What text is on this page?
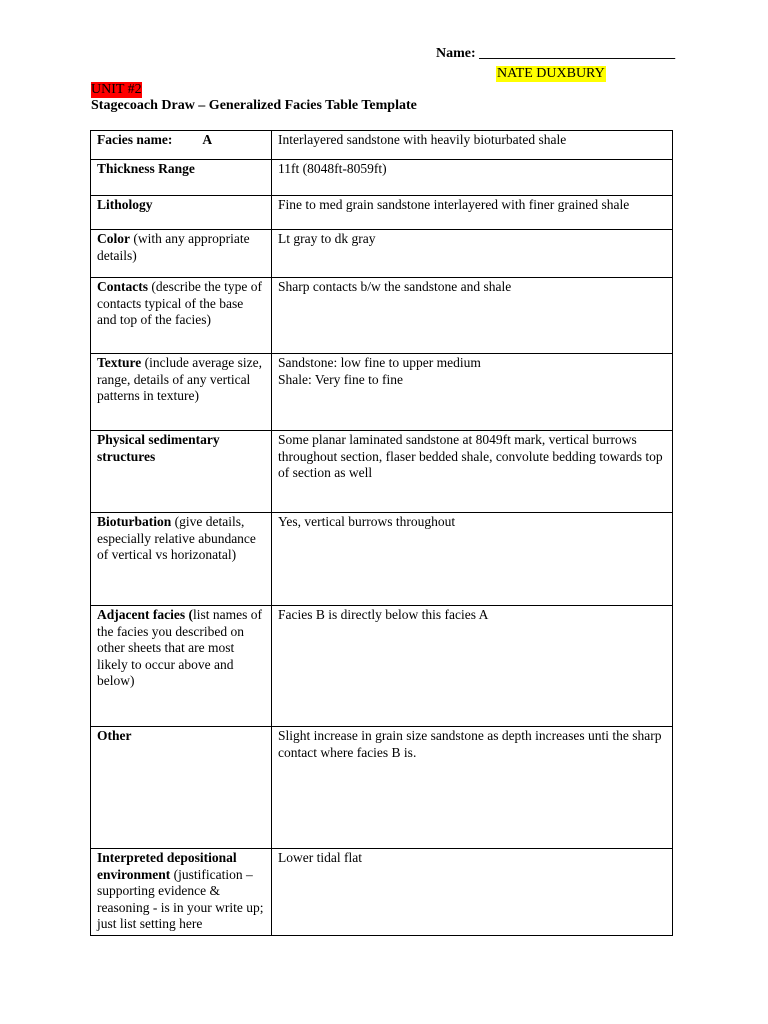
Name: ____________________________
NATE DUXBURY
UNIT #2
Stagecoach Draw – Generalized Facies Table Template
Facies name: A	Interlayered sandstone with heavily bioturbated shale
Thickness Range	11ft (8048ft-8059ft)
Lithology	Fine to med grain sandstone interlayered with finer grained shale
Color (with any appropriate details)	Lt gray to dk gray
Contacts (describe the type of contacts typical of the base and top of the facies)	Sharp contacts b/w the sandstone and shale
Texture (include average size, range, details of any vertical patterns in texture)	Sandstone: low fine to upper medium
Shale: Very fine to fine
Physical sedimentary structures	Some planar laminated sandstone at 8049ft mark, vertical burrows throughout section, flaser bedded shale, convolute bedding towards top of section as well
Bioturbation (give details, especially relative abundance of vertical vs horizonatal)	Yes, vertical burrows throughout
Adjacent facies (list names of the facies you described on other sheets that are most likely to occur above and below)	Facies B is directly below this facies A
Other	Slight increase in grain size sandstone as depth increases unti the sharp contact where facies B is.
Interpreted depositional environment (justification – supporting evidence & reasoning - is in your write up; just list setting here	Lower tidal flat
